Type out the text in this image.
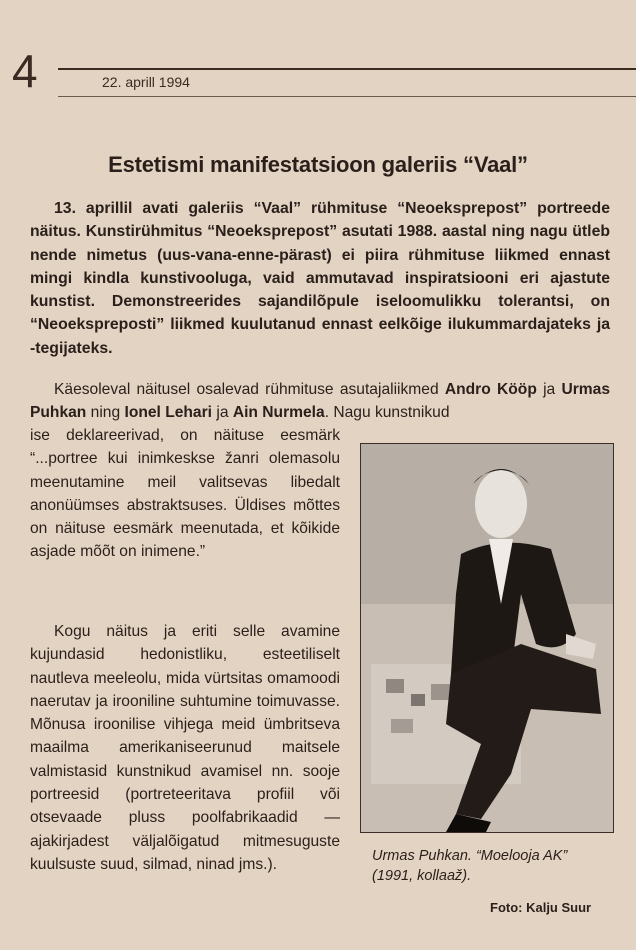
4	22. aprill 1994
Estetismi manifestatsioon galeriis “Vaal”

13. aprillil avati galeriis “Vaal” rühmituse “Neoeksprepost” portreede näitus. Kunstirühmitus “Neoeksprepost” asutati 1988. aastal ning nagu ütleb nende nimetus (uus-vana-enne-pärast) ei piira rühmituse liikmed ennast mingi kindla kunstivooluga, vaid ammutavad inspiratsiooni eri ajastute kunstist. Demonstreerides sajandilõpule iseloomulikku tolerantsi, on “Neoekspreposti” liikmed kuulutanud ennast eelkõige ilukummardajateks ja -tegijateks.

Käesoleval näitusel osalevad rühmituse asutajaliikmed Andro Kööp ja Urmas Puhkan ning Ionel Lehari ja Ain Nurmela. Nagu kunstnikud

ise deklareerivad, on näituse eesmärk “...portree kui inimkeskse žanri olemasolu meenutamine meil valitsevas libedalt anonüümses abstraktsuses. Üldises mõttes on näituse eesmärk meenutada, et kõikide asjade mõõt on inimene.”

Kogu näitus ja eriti selle avamine kujundasid hedonistliku, esteetiliselt nautleva meeleolu, mida vürtsitas omamoodi naerutav ja irooniline suhtumine toimuvasse. Mõnusa iroonilise vihjega meid ümbritseva maailma amerikaniseerunud maitsele valmistasid kunstnikud avamisel nn. sooje portreesid (portreteeritava profiil või otsevaade pluss poolfabrikaadid — ajakirjadest väljalõigatud mitmesuguste kuulsuste suud, silmad, ninad jms.).	Urmas Puhkan. “Moelooja AK” (1991, kollaaž).
Foto: Kalju Suur
